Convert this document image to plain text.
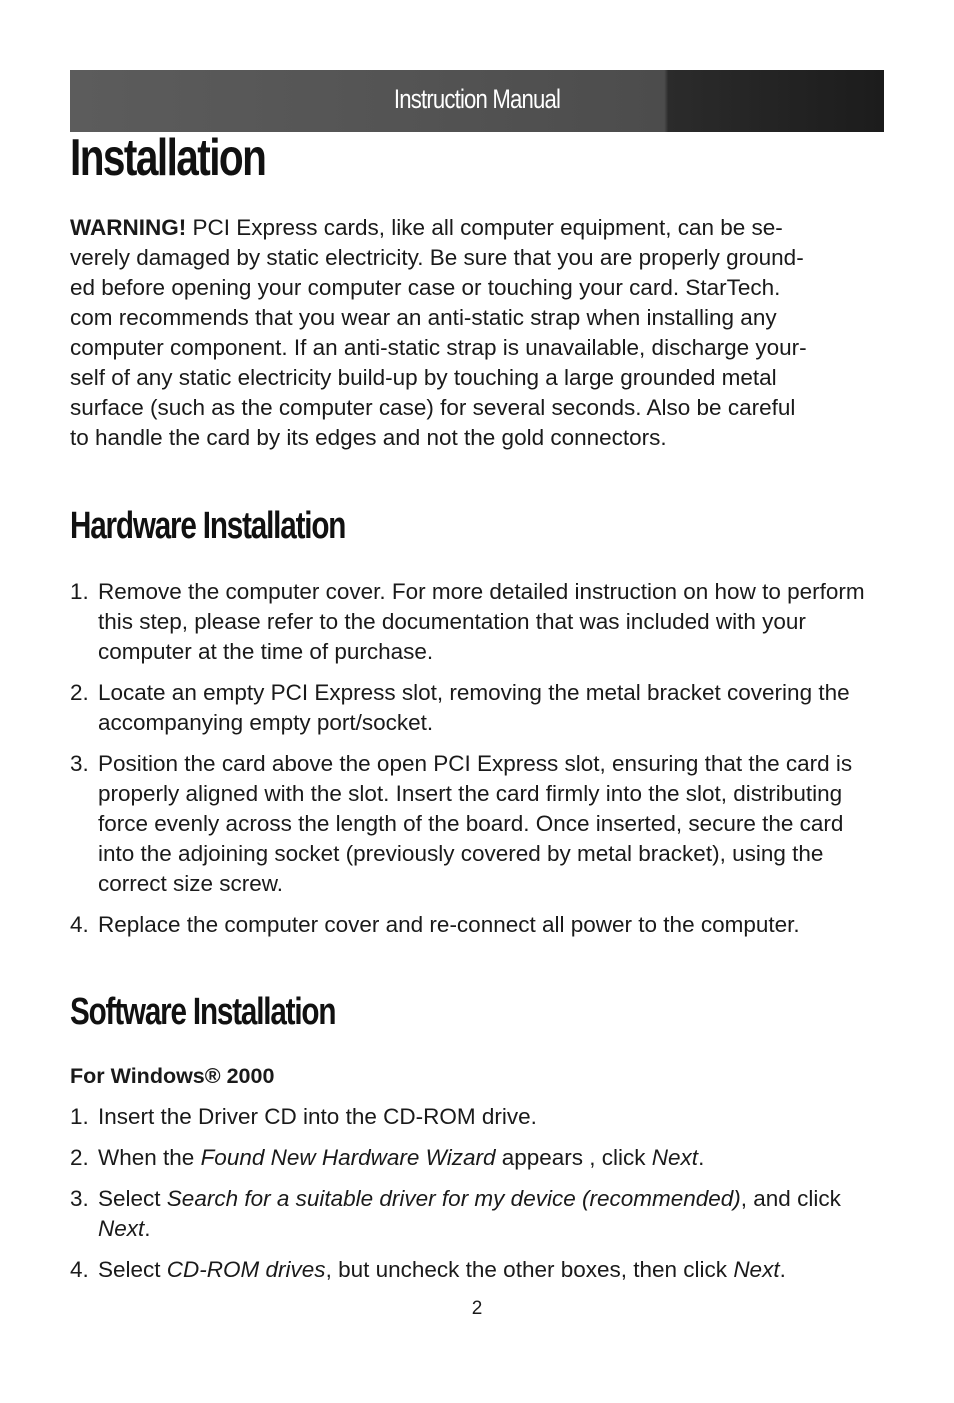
Instruction Manual
Installation

WARNING! PCI Express cards, like all computer equipment, can be se-
verely damaged by static electricity. Be sure that you are properly ground-
ed before opening your computer case or touching your card. StarTech.
com recommends that you wear an anti-static strap when installing any
computer component. If an anti-static strap is unavailable, discharge your-
self of any static electricity build-up by touching a large grounded metal
surface (such as the computer case) for several seconds. Also be careful
to handle the card by its edges and not the gold connectors.

Hardware Installation
1. Remove the computer cover. For more detailed instruction on how to perform this step, please refer to the documentation that was included with your computer at the time of purchase.
2. Locate an empty PCI Express slot, removing the metal bracket covering the accompanying empty port/socket.
3. Position the card above the open PCI Express slot, ensuring that the card is properly aligned with the slot. Insert the card firmly into the slot, distributing force evenly across the length of the board. Once inserted, secure the card into the adjoining socket (previously covered by metal bracket), using the correct size screw.
4. Replace the computer cover and re-connect all power to the computer.
Software Installation

For Windows® 2000

1. Insert the Driver CD into the CD-ROM drive.
2. When the Found New Hardware Wizard appears , click Next.
3. Select Search for a suitable driver for my device (recommended), and click Next.
4. Select CD-ROM drives, but uncheck the other boxes, then click Next.
2
